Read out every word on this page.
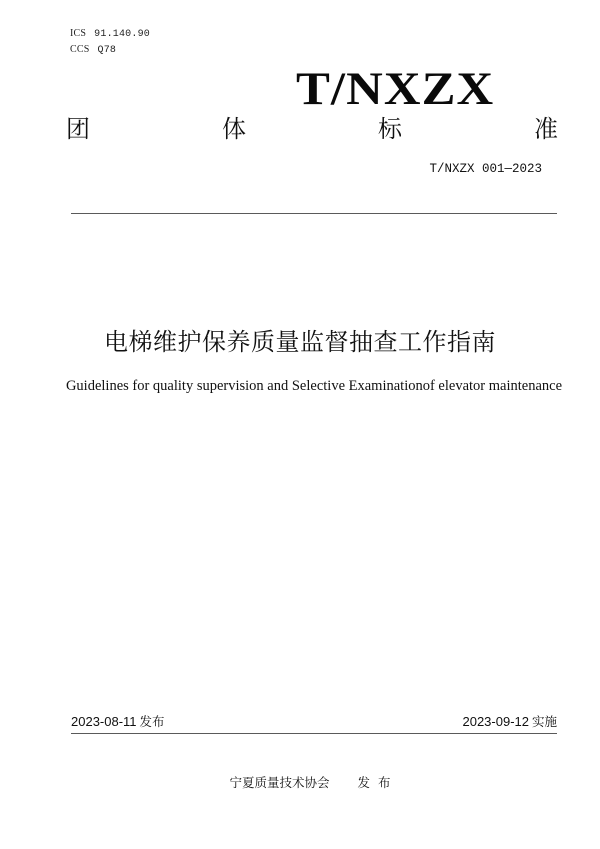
ICS 91.140.90
CCS Q78
T/NXZX
团	体	标	准
T/NXZX 001—2023
电梯维护保养质量监督抽查工作指南
Guidelines for quality supervision and Selective Examinationof elevator maintenance
2023-08-11 发布	2023-09-12 实施
宁夏质量技术协会 发布
